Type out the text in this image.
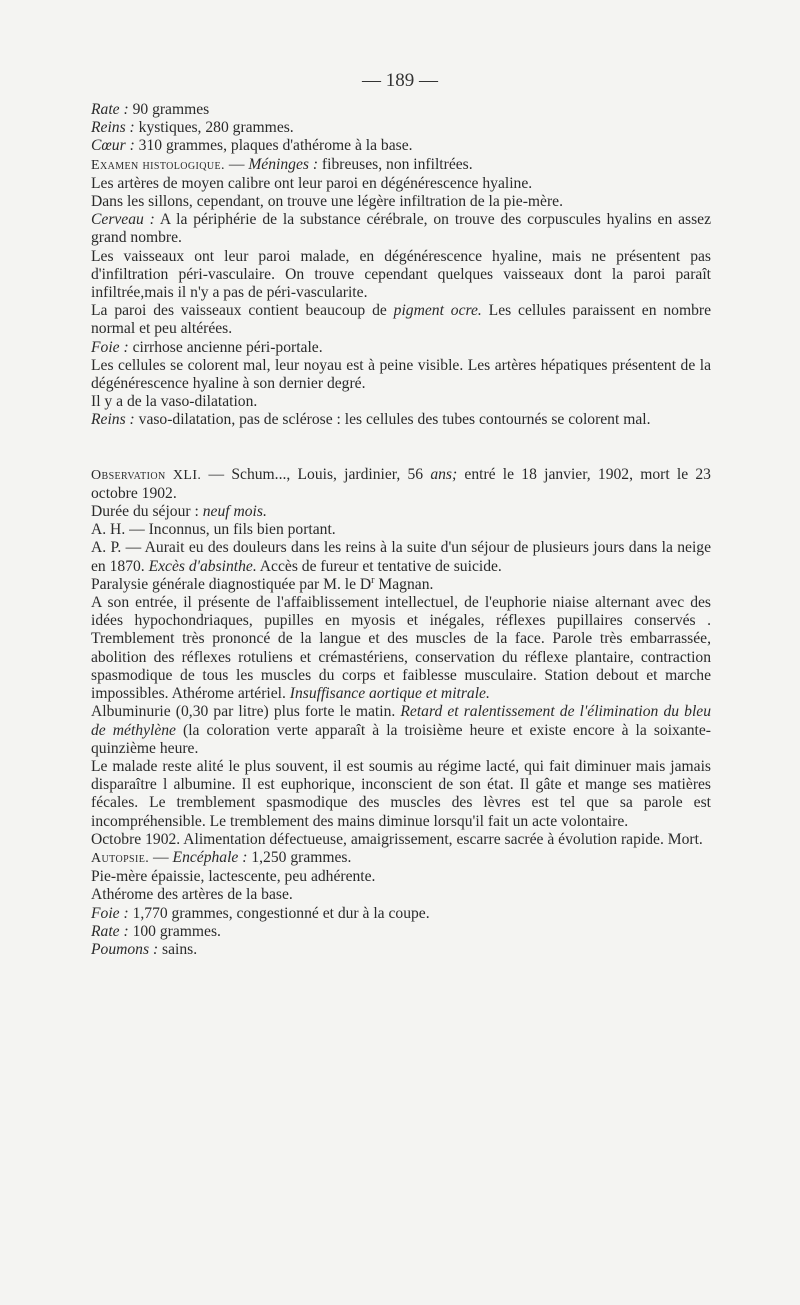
— 189 —

Rate : 90 grammes

Reins : kystiques, 280 grammes.

Cœur : 310 grammes, plaques d'athérome à la base.

Examen histologique. — Méninges : fibreuses, non infiltrées.

Les artères de moyen calibre ont leur paroi en dégénérescence hyaline.

Dans les sillons, cependant, on trouve une légère infiltration de la pie-mère.

Cerveau : A la périphérie de la substance cérébrale, on trouve des corpuscules hyalins en assez grand nombre.

Les vaisseaux ont leur paroi malade, en dégénérescence hyaline, mais ne présentent pas d'infiltration péri-vasculaire. On trouve cependant quelques vaisseaux dont la paroi paraît infiltrée,mais il n'y a pas de péri-vascularite.

La paroi des vaisseaux contient beaucoup de pigment ocre. Les cellules paraissent en nombre normal et peu altérées.

Foie : cirrhose ancienne péri-portale.

Les cellules se colorent mal, leur noyau est à peine visible. Les artères hépatiques présentent de la dégénérescence hyaline à son dernier degré.

Il y a de la vaso-dilatation.

Reins : vaso-dilatation, pas de sclérose : les cellules des tubes contournés se colorent mal.

Observation XLI. — Schum..., Louis, jardinier, 56 ans; entré le 18 janvier, 1902, mort le 23 octobre 1902.

Durée du séjour : neuf mois.

A. H. — Inconnus, un fils bien portant.

A. P. — Aurait eu des douleurs dans les reins à la suite d'un séjour de plusieurs jours dans la neige en 1870. Excès d'absinthe. Accès de fureur et tentative de suicide.

Paralysie générale diagnostiquée par M. le $D^r$ Magnan.

A son entrée, il présente de l'affaiblissement intellectuel, de l'euphorie niaise alternant avec des idées hypochondriaques, pupilles en myosis et inégales, réflexes pupillaires conservés . Tremblement très prononcé de la langue et des muscles de la face. Parole très embarrassée, abolition des réflexes rotuliens et crémastériens, conservation du réflexe plantaire, contraction spasmodique de tous les muscles du corps et faiblesse musculaire. Station debout et marche impossibles. Athérome artériel. Insuffisance aortique et mitrale.

Albuminurie (0,30 par litre) plus forte le matin. Retard et ralentissement de l'élimination du bleu de méthylène (la coloration verte apparaît à la troisième heure et existe encore à la soixante-quinzième heure.

Le malade reste alité le plus souvent, il est soumis au régime lacté, qui fait diminuer mais jamais disparaître l albumine. Il est euphorique, inconscient de son état. Il gâte et mange ses matières fécales. Le tremblement spasmodique des muscles des lèvres est tel que sa parole est incompréhensible. Le tremblement des mains diminue lorsqu'il fait un acte volontaire.

Octobre 1902. Alimentation défectueuse, amaigrissement, escarre sacrée à évolution rapide. Mort.

Autopsie. — Encéphale : 1,250 grammes.

Pie-mère épaissie, lactescente, peu adhérente.

Athérome des artères de la base.

Foie : 1,770 grammes, congestionné et dur à la coupe.

Rate : 100 grammes.

Poumons : sains.
